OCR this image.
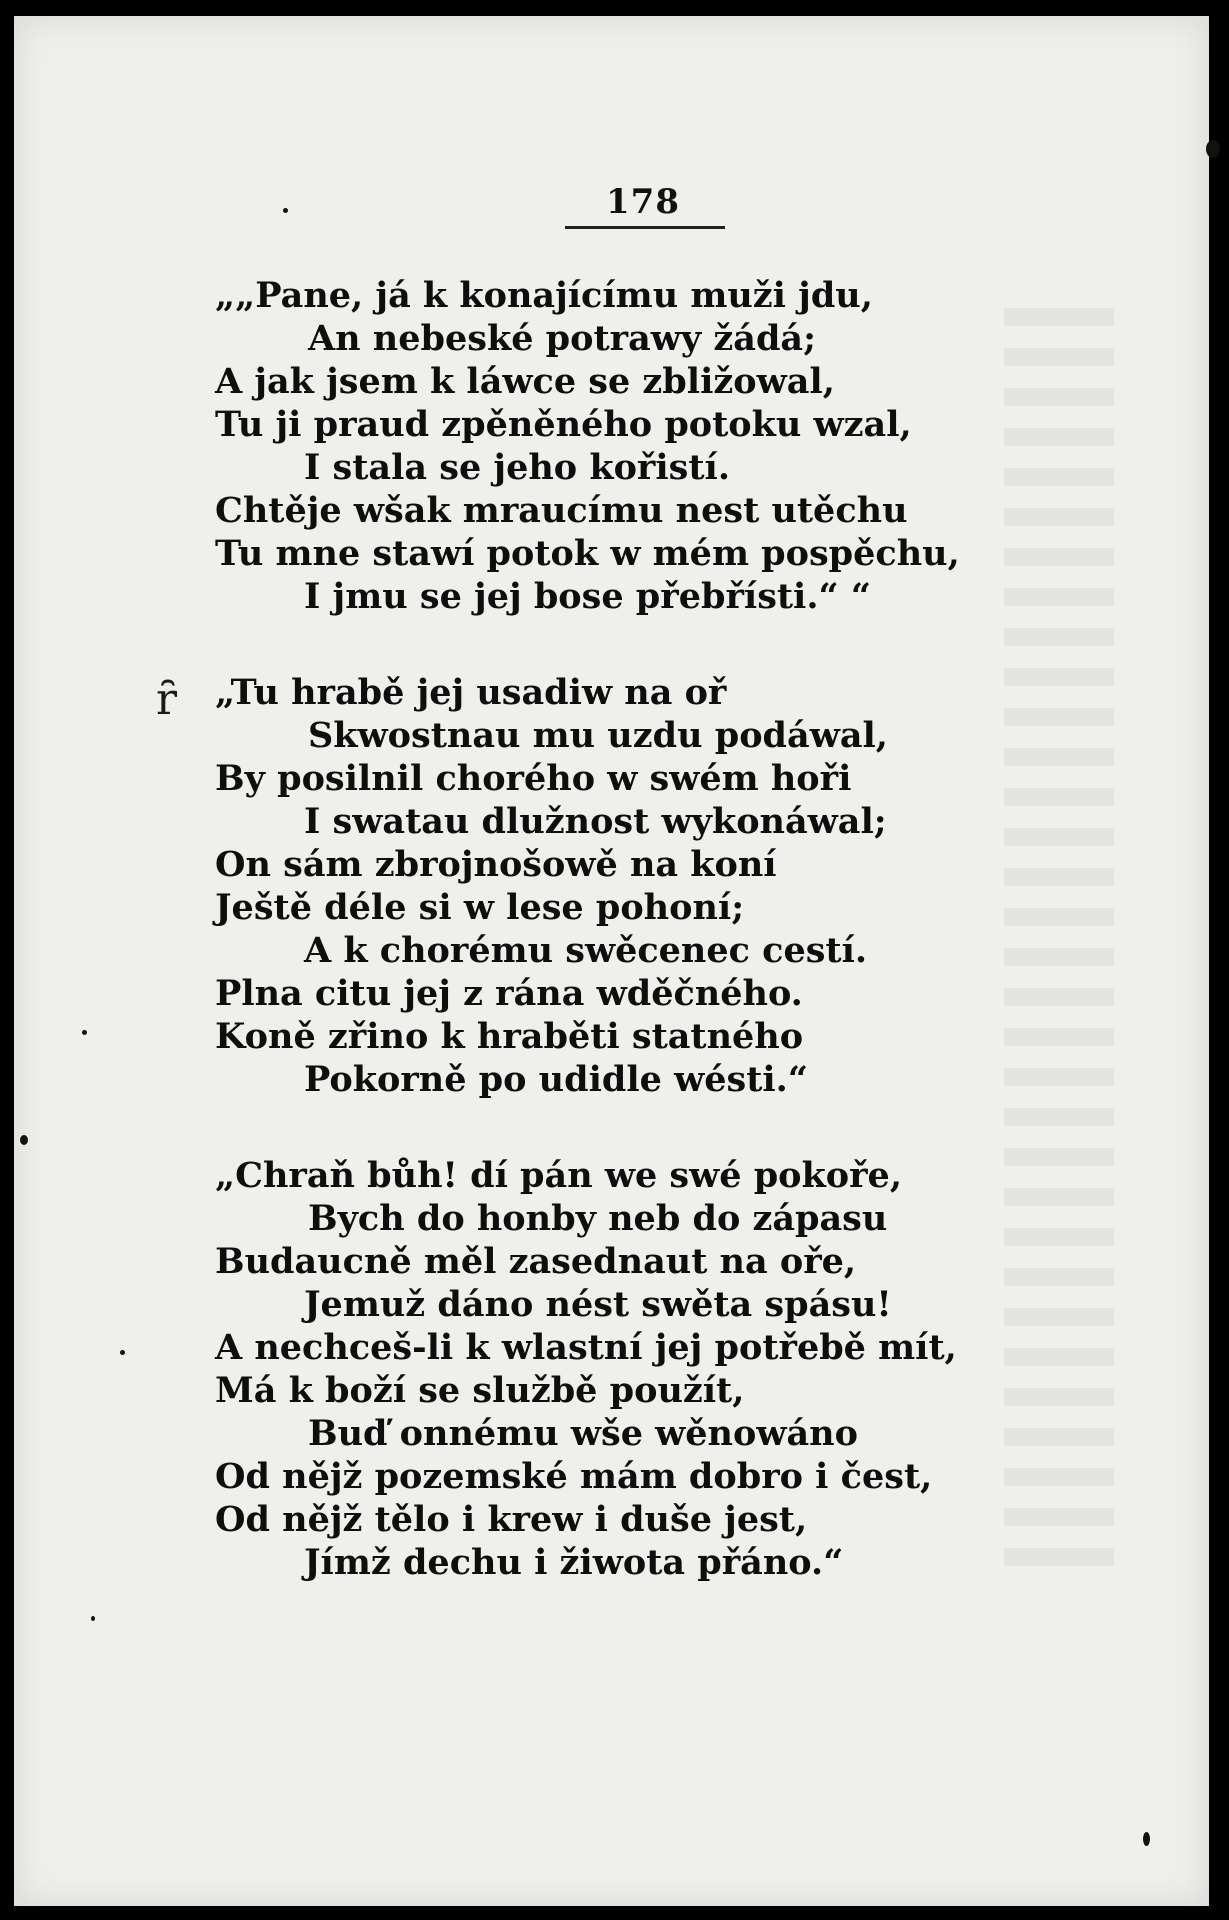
178
ȓ
„„Pane, já k konajícímu muži jdu,
An nebeské potrawy žádá;
A jak jsem k láwce se zbližowal,
Tu ji praud zpěněného potoku wzal,
I stala se jeho kořistí.
Chtěje wšak mraucímu nest utěchu
Tu mne stawí potok w mém pospěchu,
I jmu se jej bose přebřísti.“ “
„Tu hrabě jej usadiw na oř
Skwostnau mu uzdu podáwal,
By posilnil chorého w swém hoři
I swatau dlužnost wykonáwal;
On sám zbrojnošowě na koní
Ještě déle si w lese pohoní;
A k chorému swěcenec cestí.
Plna citu jej z rána wděčného.
Koně zřino k hraběti statného
Pokorně po udidle wésti.“
„Chraň bůh! dí pán we swé pokoře,
Bych do honby neb do zápasu
Budaucně měl zasednaut na oře,
Jemuž dáno nést swěta spásu!
A nechceš-li k wlastní jej potřebě mít,
Má k boží se službě použít,
Buď onnému wše wěnowáno
Od nějž pozemské mám dobro i čest,
Od nějž tělo i krew i duše jest,
Jímž dechu i žiwota přáno.“
